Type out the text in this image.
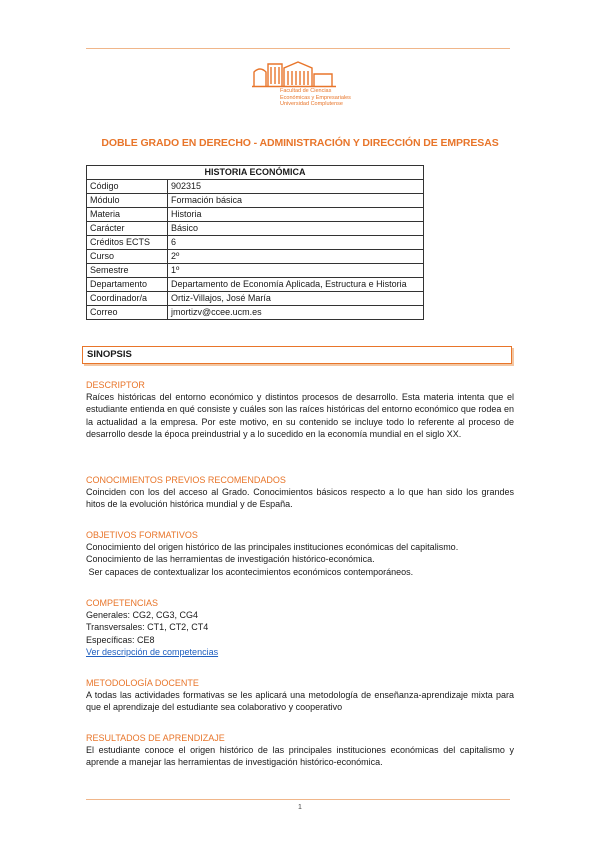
Facultad de Ciencias
Económicas y Empresariales
Universidad Complutense
DOBLE GRADO EN DERECHO - ADMINISTRACIÓN Y DIRECCIÓN DE EMPRESAS
HISTORIA ECONÓMICA	
Código	902315
Módulo	Formación básica
Materia	Historia
Carácter	Básico
Créditos ECTS	6
Curso	2º
Semestre	1º
Departamento	Departamento de Economía Aplicada, Estructura e Historia
Coordinador/a	Ortiz-Villajos, José María
Correo	jmortizv@ccee.ucm.es
SINOPSIS
DESCRIPTOR
Raíces históricas del entorno económico y distintos procesos de desarrollo. Esta materia intenta que el estudiante entienda en qué consiste y cuáles son las raíces históricas del entorno económico que rodea en la actualidad a la empresa. Por este motivo, en su contenido se incluye todo lo referente al proceso de desarrollo desde la época preindustrial y a lo sucedido en la economía mundial en el siglo XX.
CONOCIMIENTOS PREVIOS RECOMENDADOS
Coinciden con los del acceso al Grado. Conocimientos básicos respecto a lo que han sido los grandes hitos de la evolución histórica mundial y de España.
OBJETIVOS FORMATIVOS

Conocimiento del origen histórico de las principales instituciones económicas del capitalismo.

Conocimiento de las herramientas de investigación histórico-económica.

Ser capaces de contextualizar los acontecimientos económicos contemporáneos.

COMPETENCIAS

Generales: CG2, CG3, CG4

Transversales: CT1, CT2, CT4

Específicas: CE8

Ver descripción de competencias

METODOLOGÍA DOCENTE
A todas las actividades formativas se les aplicará una metodología de enseñanza-aprendizaje mixta para que el aprendizaje del estudiante sea colaborativo y cooperativo
RESULTADOS DE APRENDIZAJE
El estudiante conoce el origen histórico de las principales instituciones económicas del capitalismo y aprende a manejar las herramientas de investigación histórico-económica.
1
